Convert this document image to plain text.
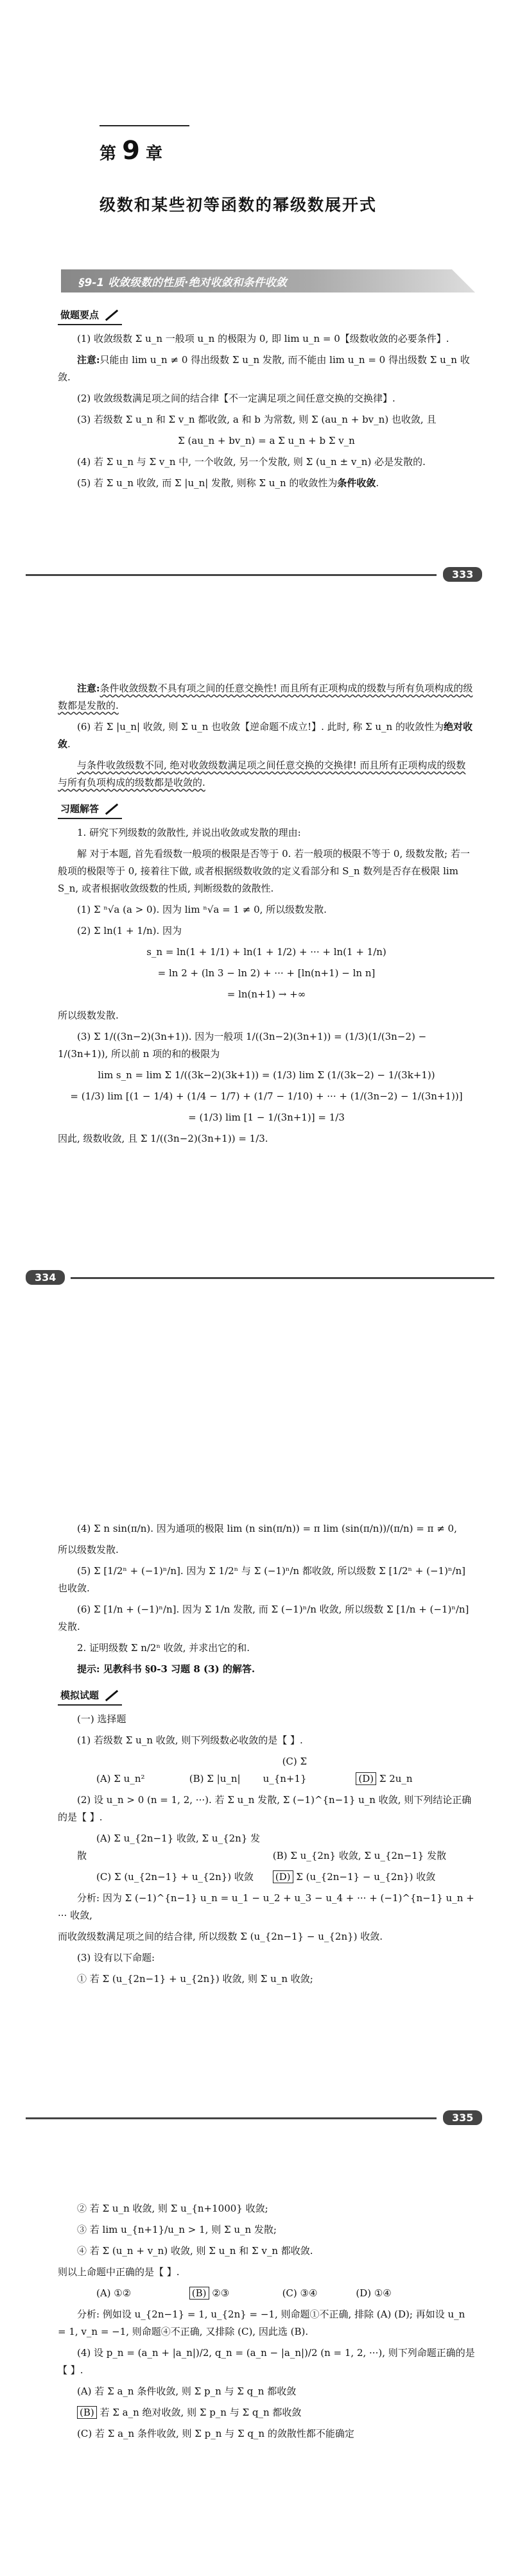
第 9 章
级数和某些初等函数的幂级数展开式
§9-1 收敛级数的性质·绝对收敛和条件收敛
做题要点

(1) 收敛级数 Σ u_n 一般项 u_n 的极限为 0, 即 lim u_n = 0【级数收敛的必要条件】.

注意:只能由 lim u_n ≠ 0 得出级数 Σ u_n 发散, 而不能由 lim u_n = 0 得出级数 Σ u_n 收敛.

(2) 收敛级数满足项之间的结合律【不一定满足项之间任意交换的交换律】.

(3) 若级数 Σ u_n 和 Σ v_n 都收敛, a 和 b 为常数, 则 Σ (au_n + bv_n) 也收敛, 且

Σ (au_n + bv_n) = a Σ u_n + b Σ v_n

(4) 若 Σ u_n 与 Σ v_n 中, 一个收敛, 另一个发散, 则 Σ (u_n ± v_n) 必是发散的.

(5) 若 Σ u_n 收敛, 而 Σ |u_n| 发散, 则称 Σ u_n 的收敛性为条件收敛.

333

注意:条件收敛级数不具有项之间的任意交换性! 而且所有正项构成的级数与所有负项构成的级数都是发散的.

(6) 若 Σ |u_n| 收敛, 则 Σ u_n 也收敛【逆命题不成立!】. 此时, 称 Σ u_n 的收敛性为绝对收敛.

与条件收敛级数不同, 绝对收敛级数满足项之间任意交换的交换律! 而且所有正项构成的级数与所有负项构成的级数都是收敛的.

习题解答

1. 研究下列级数的敛散性, 并说出收敛或发散的理由:

解 对于本题, 首先看级数一般项的极限是否等于 0. 若一般项的极限不等于 0, 级数发散; 若一般项的极限等于 0, 接着往下做, 或者根据级数收敛的定义看部分和 S_n 数列是否存在极限 lim S_n, 或者根据收敛级数的性质, 判断级数的敛散性.

(1) Σ ⁿ√a (a > 0). 因为 lim ⁿ√a = 1 ≠ 0, 所以级数发散.

(2) Σ ln(1 + 1/n). 因为

s_n = ln(1 + 1/1) + ln(1 + 1/2) + ··· + ln(1 + 1/n)

= ln 2 + (ln 3 − ln 2) + ··· + [ln(n+1) − ln n]

= ln(n+1) → +∞

所以级数发散.

(3) Σ 1/((3n−2)(3n+1)). 因为一般项 1/((3n−2)(3n+1)) = (1/3)(1/(3n−2) − 1/(3n+1)), 所以前 n 项的和的极限为

lim s_n = lim Σ 1/((3k−2)(3k+1)) = (1/3) lim Σ (1/(3k−2) − 1/(3k+1))

= (1/3) lim [(1 − 1/4) + (1/4 − 1/7) + (1/7 − 1/10) + ··· + (1/(3n−2) − 1/(3n+1))]

= (1/3) lim [1 − 1/(3n+1)] = 1/3

因此, 级数收敛, 且 Σ 1/((3n−2)(3n+1)) = 1/3.

334

(4) Σ n sin(π/n). 因为通项的极限 lim (n sin(π/n)) = π lim (sin(π/n))/(π/n) = π ≠ 0,

所以级数发散.

(5) Σ [1/2ⁿ + (−1)ⁿ/n]. 因为 Σ 1/2ⁿ 与 Σ (−1)ⁿ/n 都收敛, 所以级数 Σ [1/2ⁿ + (−1)ⁿ/n] 也收敛.

(6) Σ [1/n + (−1)ⁿ/n]. 因为 Σ 1/n 发散, 而 Σ (−1)ⁿ/n 收敛, 所以级数 Σ [1/n + (−1)ⁿ/n] 发散.

2. 证明级数 Σ n/2ⁿ 收敛, 并求出它的和.

提示: 见教科书 §0-3 习题 8 (3) 的解答.

模拟试题

(一) 选择题

(1) 若级数 Σ u_n 收敛, 则下列级数必收敛的是【 】.

(A) Σ u_n²	(B) Σ |u_n| (C) Σ u_{n+1}	(D) Σ 2u_n

(2) 设 u_n > 0 (n = 1, 2, ···). 若 Σ u_n 发散, Σ (−1)^{n−1} u_n 收敛, 则下列结论正确的是【 】.

(A) Σ u_{2n−1} 收敛, Σ u_{2n} 发散	(B) Σ u_{2n} 收敛, Σ u_{2n−1} 发散

(C) Σ (u_{2n−1} + u_{2n}) 收敛 (D) Σ (u_{2n−1} − u_{2n}) 收敛

分析: 因为 Σ (−1)^{n−1} u_n = u_1 − u_2 + u_3 − u_4 + ··· + (−1)^{n−1} u_n + ··· 收敛,

而收敛级数满足项之间的结合律, 所以级数 Σ (u_{2n−1} − u_{2n}) 收敛.

(3) 设有以下命题:

① 若 Σ (u_{2n−1} + u_{2n}) 收敛, 则 Σ u_n 收敛;

335

② 若 Σ u_n 收敛, 则 Σ u_{n+1000} 收敛;

③ 若 lim u_{n+1}/u_n > 1, 则 Σ u_n 发散;

④ 若 Σ (u_n + v_n) 收敛, 则 Σ u_n 和 Σ v_n 都收敛.

则以上命题中正确的是【 】.

(A) ①②	(B) ②③	(C) ③④	(D) ①④

分析: 例如设 u_{2n−1} = 1, u_{2n} = −1, 则命题①不正确, 排除 (A) (D); 再如设 u_n = 1, v_n = −1, 则命题④不正确, 又排除 (C), 因此选 (B).

(4) 设 p_n = (a_n + |a_n|)/2, q_n = (a_n − |a_n|)/2 (n = 1, 2, ···), 则下列命题正确的是【 】.

(A) 若 Σ a_n 条件收敛, 则 Σ p_n 与 Σ q_n 都收敛

(B) 若 Σ a_n 绝对收敛, 则 Σ p_n 与 Σ q_n 都收敛

(C) 若 Σ a_n 条件收敛, 则 Σ p_n 与 Σ q_n 的敛散性都不能确定
